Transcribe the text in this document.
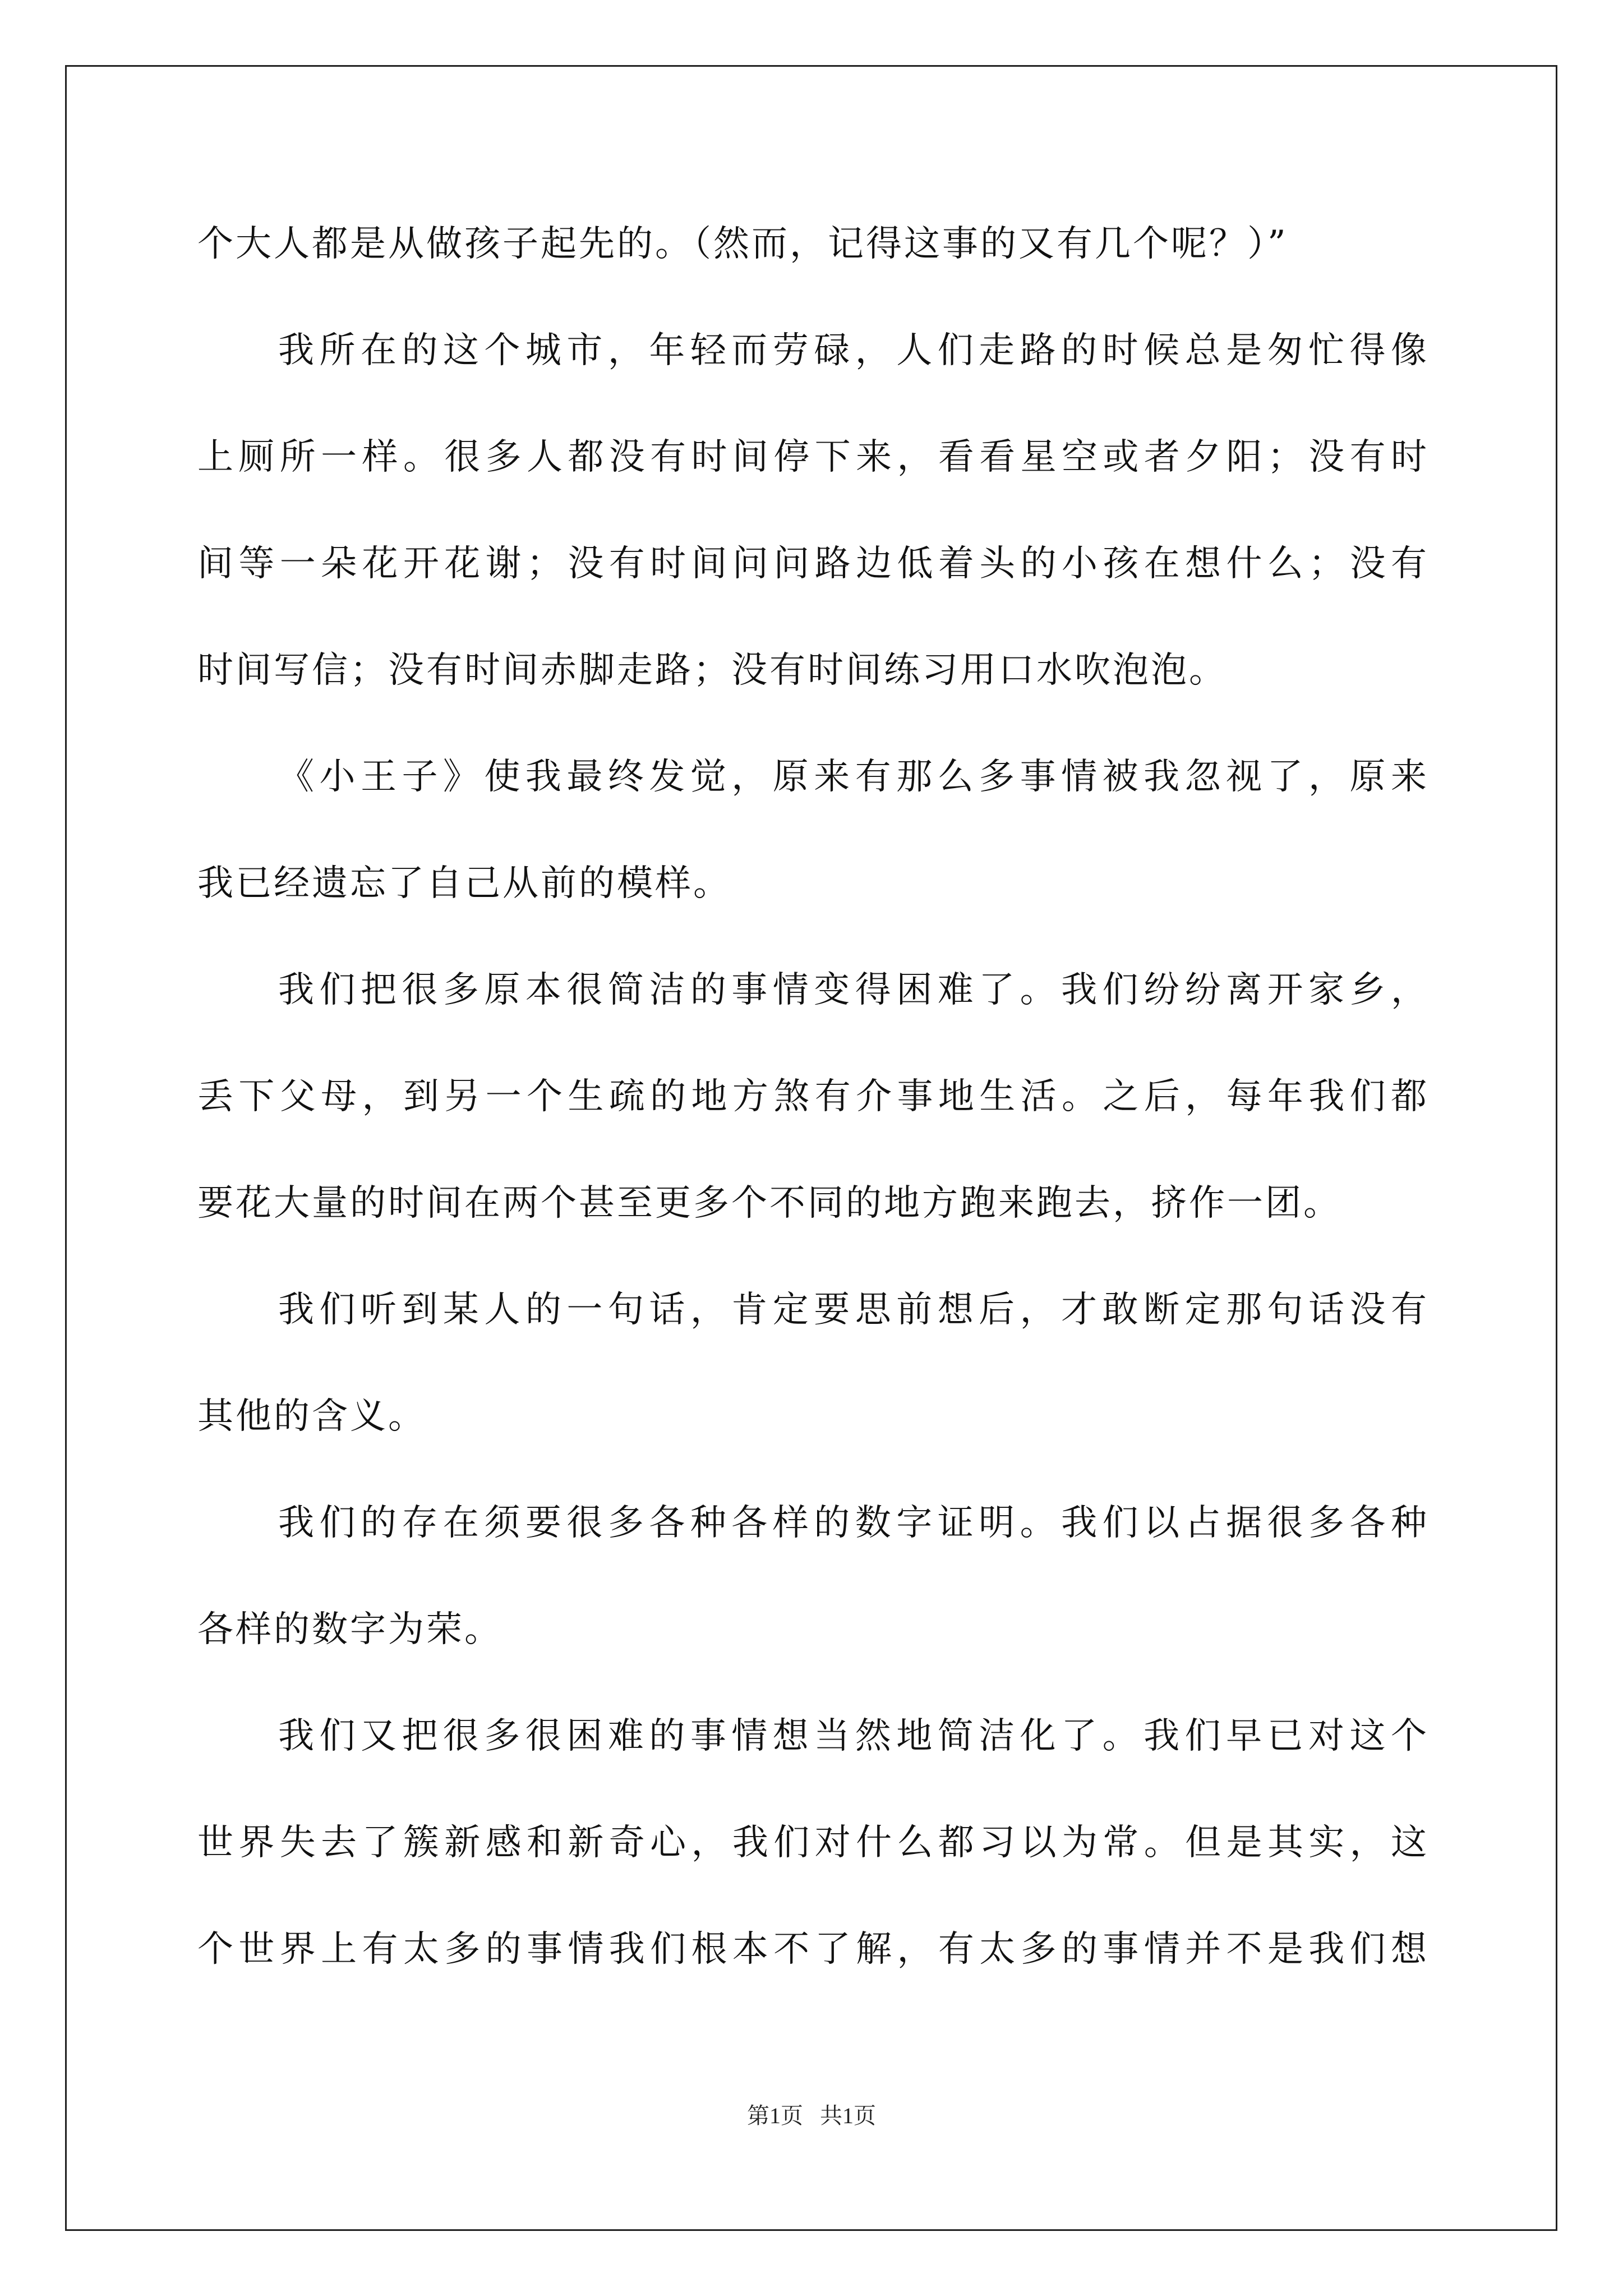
个大人都是从做孩子起先的。（然而，记得这事的又有几个呢？）”
我所在的这个城市，年轻而劳碌，人们走路的时候总是匆忙得像
上厕所一样。很多人都没有时间停下来，看看星空或者夕阳；没有时
间等一朵花开花谢；没有时间问问路边低着头的小孩在想什么；没有
时间写信；没有时间赤脚走路；没有时间练习用口水吹泡泡。
《小王子》使我最终发觉，原来有那么多事情被我忽视了，原来
我已经遗忘了自己从前的模样。
我们把很多原本很简洁的事情变得困难了。我们纷纷离开家乡，
丢下父母，到另一个生疏的地方煞有介事地生活。之后，每年我们都
要花大量的时间在两个甚至更多个不同的地方跑来跑去，挤作一团。
我们听到某人的一句话，肯定要思前想后，才敢断定那句话没有
其他的含义。
我们的存在须要很多各种各样的数字证明。我们以占据很多各种
各样的数字为荣。
我们又把很多很困难的事情想当然地简洁化了。我们早已对这个
世界失去了簇新感和新奇心，我们对什么都习以为常。但是其实，这
个世界上有太多的事情我们根本不了解，有太多的事情并不是我们想
第1页   共1页
